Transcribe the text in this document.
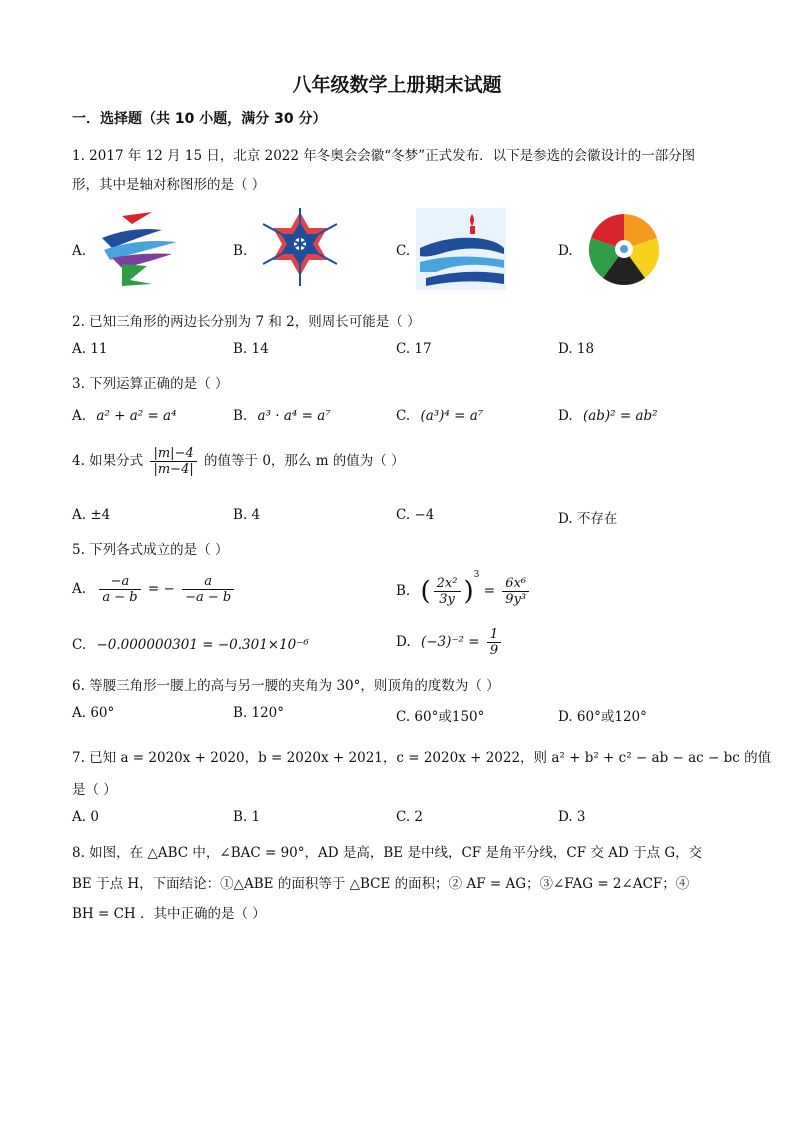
八年级数学上册期末试题
一．选择题（共 10 小题，满分 30 分）
1. 2017 年 12 月 15 日，北京 2022 年冬奥会会徽“冬梦”正式发布．以下是参选的会徽设计的一部分图
形，其中是轴对称图形的是（ ）
A.	B.	C.	D.
2. 已知三角形的两边长分别为 7 和 2，则周长可能是（ ）
A. 11	B. 14	C. 17	D. 18
3. 下列运算正确的是（ ）
A. a² + a² = a⁴	B. a³ · a⁴ = a⁷	C. (a³)⁴ = a⁷	D. (ab)² = ab²
4. 如果分式 $\frac{|m|-4}{|m-4|}$ 的值等于 0，那么 m 的值为（ ）
A. ±4	B. 4	C. −4	D. 不存在
5. 下列各式成立的是（ ）
A. $\frac{-a}{a - b}$ = − $\frac{a}{-a - b}$	B. ( $\frac{\text{2x²}}{3y} )^3 = \frac{\text{6x⁶}}{\text{9y³}}$
C. −0.000000301 = −0.301×10⁻⁶	D. $(-3)^{-2} = \frac{1}{9}$
6. 等腰三角形一腰上的高与另一腰的夹角为 30°，则顶角的度数为（ ）
A. 60°	B. 120°	C. 60°或150°	D. 60°或120°
7. 已知 a = 2020x + 2020，b = 2020x + 2021，c = 2020x + 2022，则 a² + b² + c² − ab − ac − bc 的值
是（ ）
A. 0	B. 1	C. 2	D. 3
8. 如图，在 △ABC 中，∠BAC = 90°，AD 是高，BE 是中线，CF 是角平分线，CF 交 AD 于点 G，交
BE 于点 H，下面结论：①△ABE 的面积等于 △BCE 的面积；② AF = AG；③∠FAG = 2∠ACF；④
BH = CH ．其中正确的是（ ）
